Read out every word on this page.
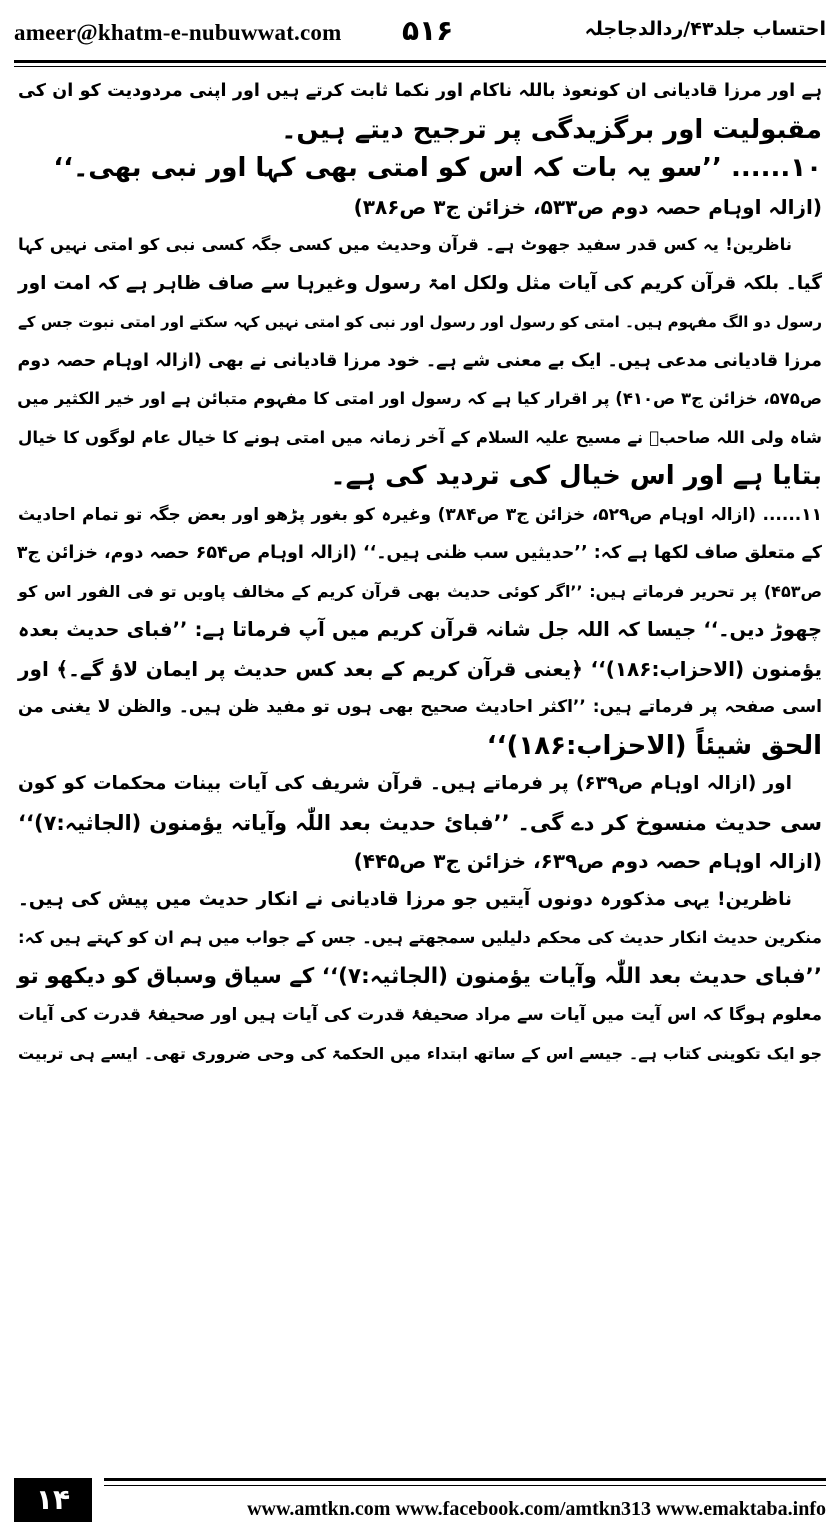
ameer@khatm-e-nubuwwat.com ۵۱۶	احتساب جلد۴۳/ردالدجاجلہ
ہے اور مرزا قادیانی ان کونعوذ باللہ ناکام اور نکما ثابت کرتے ہیں اور اپنی مردودیت کو ان کی
مقبولیت اور برگزیدگی پر ترجیح دیتے ہیں۔
۱۰...... ’’سو یہ بات کہ اس کو امتی بھی کہا اور نبی بھی۔‘‘
(ازالہ اوہام حصہ دوم ص۵۳۳، خزائن ج۳ ص۳۸۶)
ناظرین! یہ کس قدر سفید جھوٹ ہے۔ قرآن وحدیث میں کسی جگہ کسی نبی کو امتی نہیں کہا
گیا۔ بلکہ قرآن کریم کی آیات مثل ولکل امۃ رسول وغیرہا سے صاف ظاہر ہے کہ امت اور
رسول دو الگ مفہوم ہیں۔ امتی کو رسول اور رسول اور نبی کو امتی نہیں کہہ سکتے اور امتی نبوت جس کے
مرزا قادیانی مدعی ہیں۔ ایک بے معنی شے ہے۔ خود مرزا قادیانی نے بھی (ازالہ اوہام حصہ دوم
ص۵۷۵، خزائن ج۳ ص۴۱۰) پر اقرار کیا ہے کہ رسول اور امتی کا مفہوم متبائن ہے اور خیر الکثیر میں
شاہ ولی اللہ صاحبؒ نے مسیح علیہ السلام کے آخر زمانہ میں امتی ہونے کا خیال عام لوگوں کا خیال
بتایا ہے اور اس خیال کی تردید کی ہے۔
۱۱...... (ازالہ اوہام ص۵۲۹، خزائن ج۳ ص۳۸۴) وغیرہ کو بغور پڑھو اور بعض جگہ تو تمام احادیث
کے متعلق صاف لکھا ہے کہ: ’’حدیثیں سب ظنی ہیں۔‘‘ (ازالہ اوہام ص۶۵۴ حصہ دوم، خزائن ج۳
ص۴۵۳) پر تحریر فرماتے ہیں: ’’اگر کوئی حدیث بھی قرآن کریم کے مخالف پاویں تو فی الفور اس کو
چھوڑ دیں۔‘‘ جیسا کہ اللہ جل شانہ قرآن کریم میں آپ فرماتا ہے: ’’فبای حدیث بعدہ
یؤمنون (الاحزاب:۱۸۶)‘‘ ﴿یعنی قرآن کریم کے بعد کس حدیث پر ایمان لاؤ گے۔﴾ اور
اسی صفحہ پر فرماتے ہیں: ’’اکثر احادیث صحیح بھی ہوں تو مفید ظن ہیں۔ والظن لا یغنی من
الحق شیئاً (الاحزاب:۱۸۶)‘‘
اور (ازالہ اوہام ص۶۳۹) پر فرماتے ہیں۔ قرآن شریف کی آیات بینات محکمات کو کون
سی حدیث منسوخ کر دے گی۔ ’’فبایٔ حدیث بعد اللّٰہ وآیاتہ یؤمنون (الجاثیہ:۷)‘‘
(ازالہ اوہام حصہ دوم ص۶۳۹، خزائن ج۳ ص۴۴۵)
ناظرین! یہی مذکورہ دونوں آیتیں جو مرزا قادیانی نے انکار حدیث میں پیش کی ہیں۔
منکرین حدیث انکار حدیث کی محکم دلیلیں سمجھتے ہیں۔ جس کے جواب میں ہم ان کو کہتے ہیں کہ:
’’فبای حدیث بعد اللّٰہ وآیات یؤمنون (الجاثیہ:۷)‘‘ کے سیاق وسباق کو دیکھو تو
معلوم ہوگا کہ اس آیت میں آیات سے مراد صحیفۂ قدرت کی آیات ہیں اور صحیفۂ قدرت کی آیات
جو ایک تکوینی کتاب ہے۔ جیسے اس کے ساتھ ابتداء میں الحکمۃ کی وحی ضروری تھی۔ ایسے ہی تربیت
۱۴	www.amtkn.com www.facebook.com/amtkn313 www.emaktaba.info
